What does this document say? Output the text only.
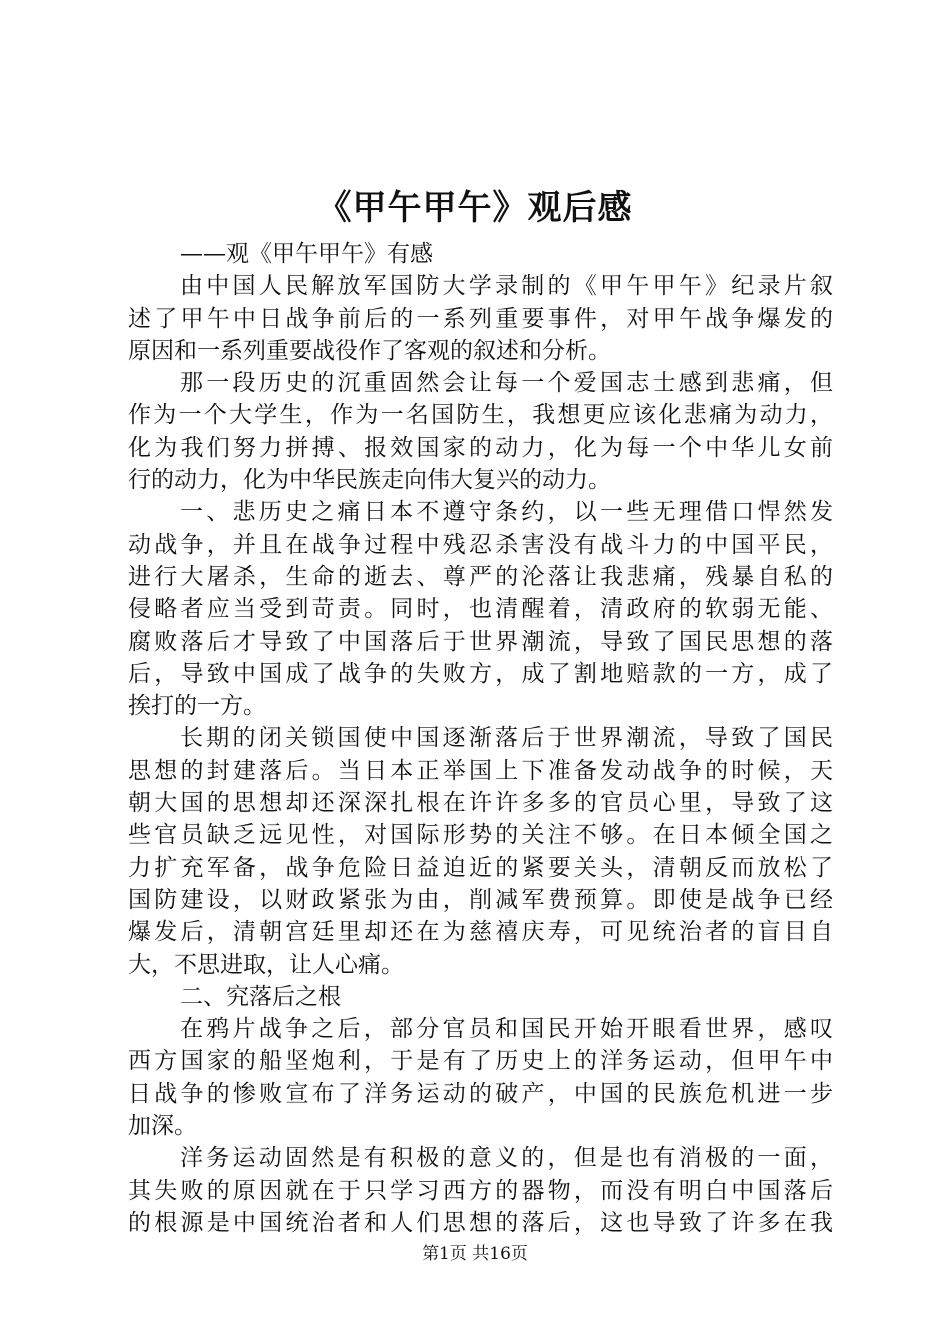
《甲午甲午》观后感
——观《甲午甲午》有感
由中国人民解放军国防大学录制的《甲午甲午》纪录片叙
述了甲午中日战争前后的一系列重要事件，对甲午战争爆发的
原因和一系列重要战役作了客观的叙述和分析。
那一段历史的沉重固然会让每一个爱国志士感到悲痛，但
作为一个大学生，作为一名国防生，我想更应该化悲痛为动力，
化为我们努力拼搏、报效国家的动力，化为每一个中华儿女前
行的动力，化为中华民族走向伟大复兴的动力。
一、悲历史之痛日本不遵守条约，以一些无理借口悍然发
动战争，并且在战争过程中残忍杀害没有战斗力的中国平民，
进行大屠杀，生命的逝去、尊严的沦落让我悲痛，残暴自私的
侵略者应当受到苛责。同时，也清醒着，清政府的软弱无能、
腐败落后才导致了中国落后于世界潮流，导致了国民思想的落
后，导致中国成了战争的失败方，成了割地赔款的一方，成了
挨打的一方。
长期的闭关锁国使中国逐渐落后于世界潮流，导致了国民
思想的封建落后。当日本正举国上下准备发动战争的时候，天
朝大国的思想却还深深扎根在许许多多的官员心里，导致了这
些官员缺乏远见性，对国际形势的关注不够。在日本倾全国之
力扩充军备，战争危险日益迫近的紧要关头，清朝反而放松了
国防建设，以财政紧张为由，削减军费预算。即使是战争已经
爆发后，清朝宫廷里却还在为慈禧庆寿，可见统治者的盲目自
大，不思进取，让人心痛。
二、究落后之根
在鸦片战争之后，部分官员和国民开始开眼看世界，感叹
西方国家的船坚炮利，于是有了历史上的洋务运动，但甲午中
日战争的惨败宣布了洋务运动的破产，中国的民族危机进一步
加深。
洋务运动固然是有积极的意义的，但是也有消极的一面，
其失败的原因就在于只学习西方的器物，而没有明白中国落后
的根源是中国统治者和人们思想的落后，这也导致了许多在我
第1页 共16页
